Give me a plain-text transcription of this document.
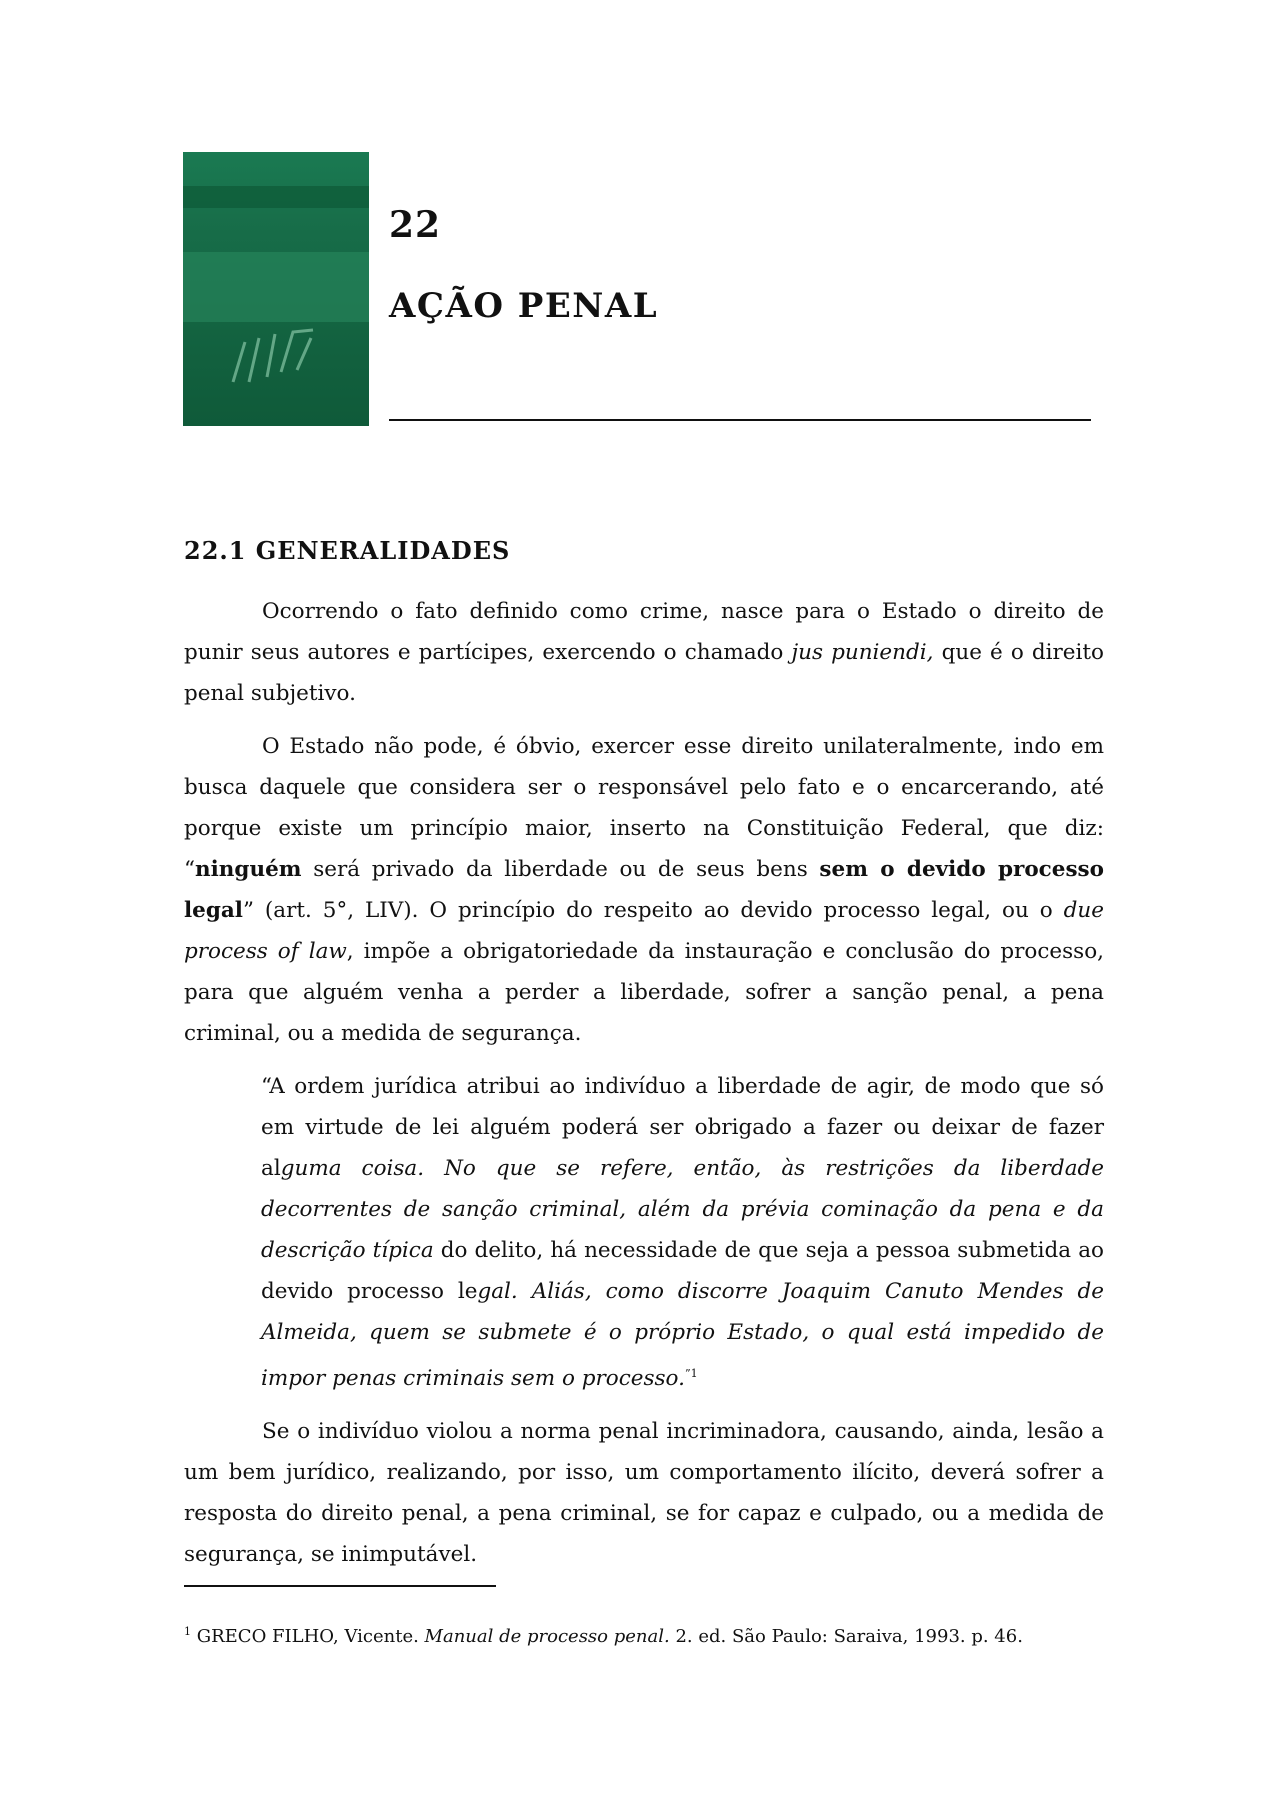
22
AÇÃO PENAL
22.1 GENERALIDADES

Ocorrendo o fato definido como crime, nasce para o Estado o direito de punir seus autores e partícipes, exercendo o chamado jus puniendi, que é o direito penal subjetivo.

O Estado não pode, é óbvio, exercer esse direito unilateralmente, indo em busca daquele que considera ser o responsável pelo fato e o encarcerando, até porque existe um princípio maior, inserto na Constituição Federal, que diz: “ninguém será privado da liberdade ou de seus bens sem o devido processo legal” (art. 5°, LIV). O princípio do respeito ao devido processo legal, ou o due process of law, impõe a obrigatoriedade da instauração e conclusão do processo, para que alguém venha a perder a liberdade, sofrer a sanção penal, a pena criminal, ou a medida de segurança.

“A ordem jurídica atribui ao indivíduo a liberdade de agir, de modo que só em virtude de lei alguém poderá ser obrigado a fazer ou deixar de fazer alguma coisa. No que se refere, então, às restrições da liberdade decorrentes de sanção criminal, além da prévia cominação da pena e da descrição típica do delito, há necessidade de que seja a pessoa submetida ao devido processo legal. Aliás, como discorre Joaquim Canuto Mendes de Almeida, quem se submete é o próprio Estado, o qual está impedido de impor penas criminais sem o processo.$^{”1}$

Se o indivíduo violou a norma penal incriminadora, causando, ainda, lesão a um bem jurídico, realizando, por isso, um comportamento ilícito, deverá sofrer a resposta do direito penal, a pena criminal, se for capaz e culpado, ou a medida de segurança, se inimputável.

$^1$ GRECO FILHO, Vicente. Manual de processo penal. 2. ed. São Paulo: Saraiva, 1993. p. 46.
